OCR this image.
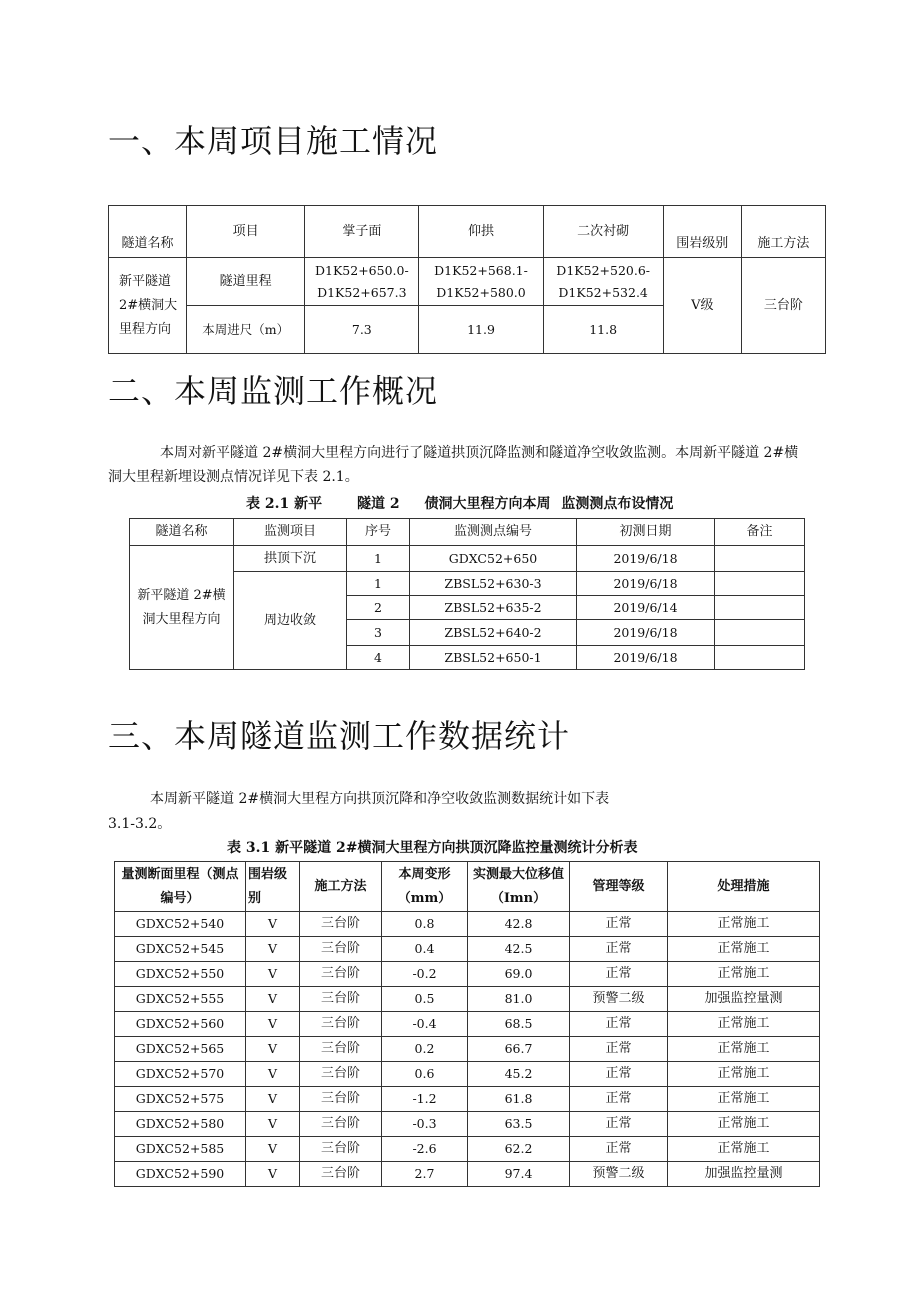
一、本周项目施工情况
隧道名称	项目	掌子面	仰拱	二次衬砌	围岩级别	施工方法
新平隧道 2#横洞大里程方向	隧道里程	D1K52+650.0-D1K52+657.3	D1K52+568.1-D1K52+580.0	D1K52+520.6-D1K52+532.4	Ⅴ级	三台阶
	本周进尺（m）	7.3	11.9	11.8		
二、本周监测工作概况

本周对新平隧道 2#横洞大里程方向进行了隧道拱顶沉降监测和隧道净空收敛监测。本周新平隧道 2#横洞大里程新埋设测点情况详见下表 2.1。

表 2.1 新平 隧道 2 债洞大里程方向本周 监测测点布设情况
隧道名称	监测项目	序号	监测测点编号	初测日期	备注
新平隧道 2#横洞大里程方向	拱顶下沉	1	GDXC52+650	2019/6/18	
	周边收敛	1	ZBSL52+630-3	2019/6/18	
		2	ZBSL52+635-2	2019/6/14	
		3	ZBSL52+640-2	2019/6/18	
		4	ZBSL52+650-1	2019/6/18	
三、本周隧道监测工作数据统计

本周新平隧道 2#横洞大里程方向拱顶沉降和净空收敛监测数据统计如下表

3.1-3.2。

表 3.1 新平隧道 2#横洞大里程方向拱顶沉降监控量测统计分析表
量测断面里程（测点编号）	围岩级别	施工方法	本周变形（mm）	实测最大位移值（Imn）	管理等级	处理措施
GDXC52+540	V	三台阶	0.8	42.8	正常	正常施工
GDXC52+545	V	三台阶	0.4	42.5	正常	正常施工
GDXC52+550	V	三台阶	-0.2	69.0	正常	正常施工
GDXC52+555	V	三台阶	0.5	81.0	预警二级	加强监控量测
GDXC52+560	V	三台阶	-0.4	68.5	正常	正常施工
GDXC52+565	V	三台阶	0.2	66.7	正常	正常施工
GDXC52+570	V	三台阶	0.6	45.2	正常	正常施工
GDXC52+575	V	三台阶	-1.2	61.8	正常	正常施工
GDXC52+580	V	三台阶	-0.3	63.5	正常	正常施工
GDXC52+585	V	三台阶	-2.6	62.2	正常	正常施工
GDXC52+590	V	三台阶	2.7	97.4	预警二级	加强监控量测
